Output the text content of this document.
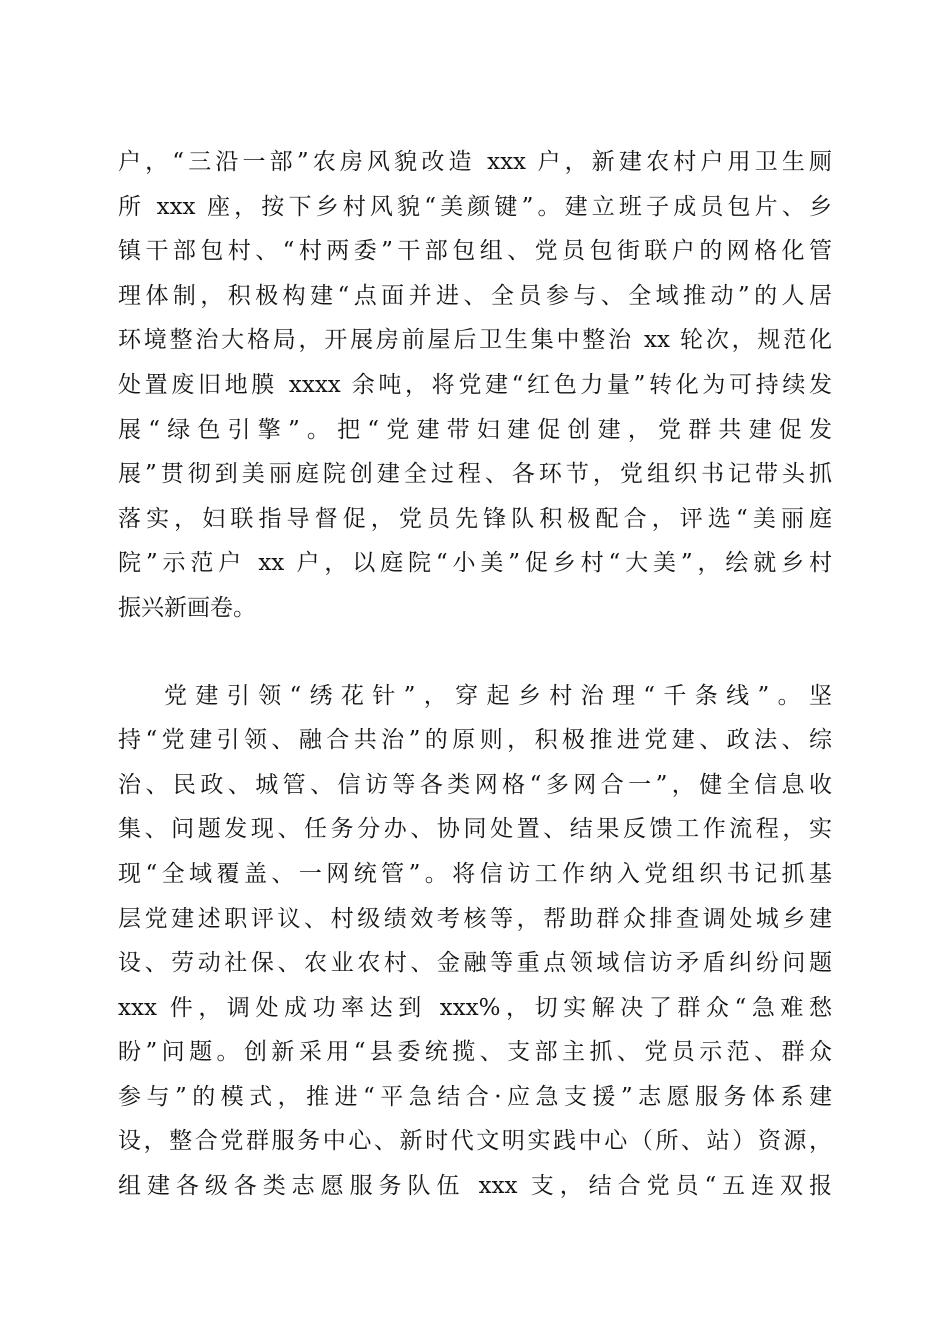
户，“三沿一部”农房风貌改造 xxx 户，新建农村户用卫生厕
所 xxx 座，按下乡村风貌“美颜键”。建立班子成员包片、乡
镇干部包村、“村两委”干部包组、党员包街联户的网格化管
理体制，积极构建“点面并进、全员参与、全域推动”的人居
环境整治大格局，开展房前屋后卫生集中整治 xx 轮次，规范化
处置废旧地膜 xxxx 余吨，将党建“红色力量”转化为可持续发
展“绿色引擎”。把“党建带妇建促创建，党群共建促发
展”贯彻到美丽庭院创建全过程、各环节，党组织书记带头抓
落实，妇联指导督促，党员先锋队积极配合，评选“美丽庭
院”示范户 xx 户，以庭院“小美”促乡村“大美”，绘就乡村
振兴新画卷。
党建引领“绣花针”，穿起乡村治理“千条线”。坚
持“党建引领、融合共治”的原则，积极推进党建、政法、综
治、民政、城管、信访等各类网格“多网合一”，健全信息收
集、问题发现、任务分办、协同处置、结果反馈工作流程，实
现“全域覆盖、一网统管”。将信访工作纳入党组织书记抓基
层党建述职评议、村级绩效考核等，帮助群众排查调处城乡建
设、劳动社保、农业农村、金融等重点领域信访矛盾纠纷问题
xxx 件，调处成功率达到 xxx%，切实解决了群众“急难愁
盼”问题。创新采用“县委统揽、支部主抓、党员示范、群众
参与”的模式，推进“平急结合·应急支援”志愿服务体系建
设，整合党群服务中心、新时代文明实践中心（所、站）资源，
组建各级各类志愿服务队伍 xxx 支，结合党员“五连双报
